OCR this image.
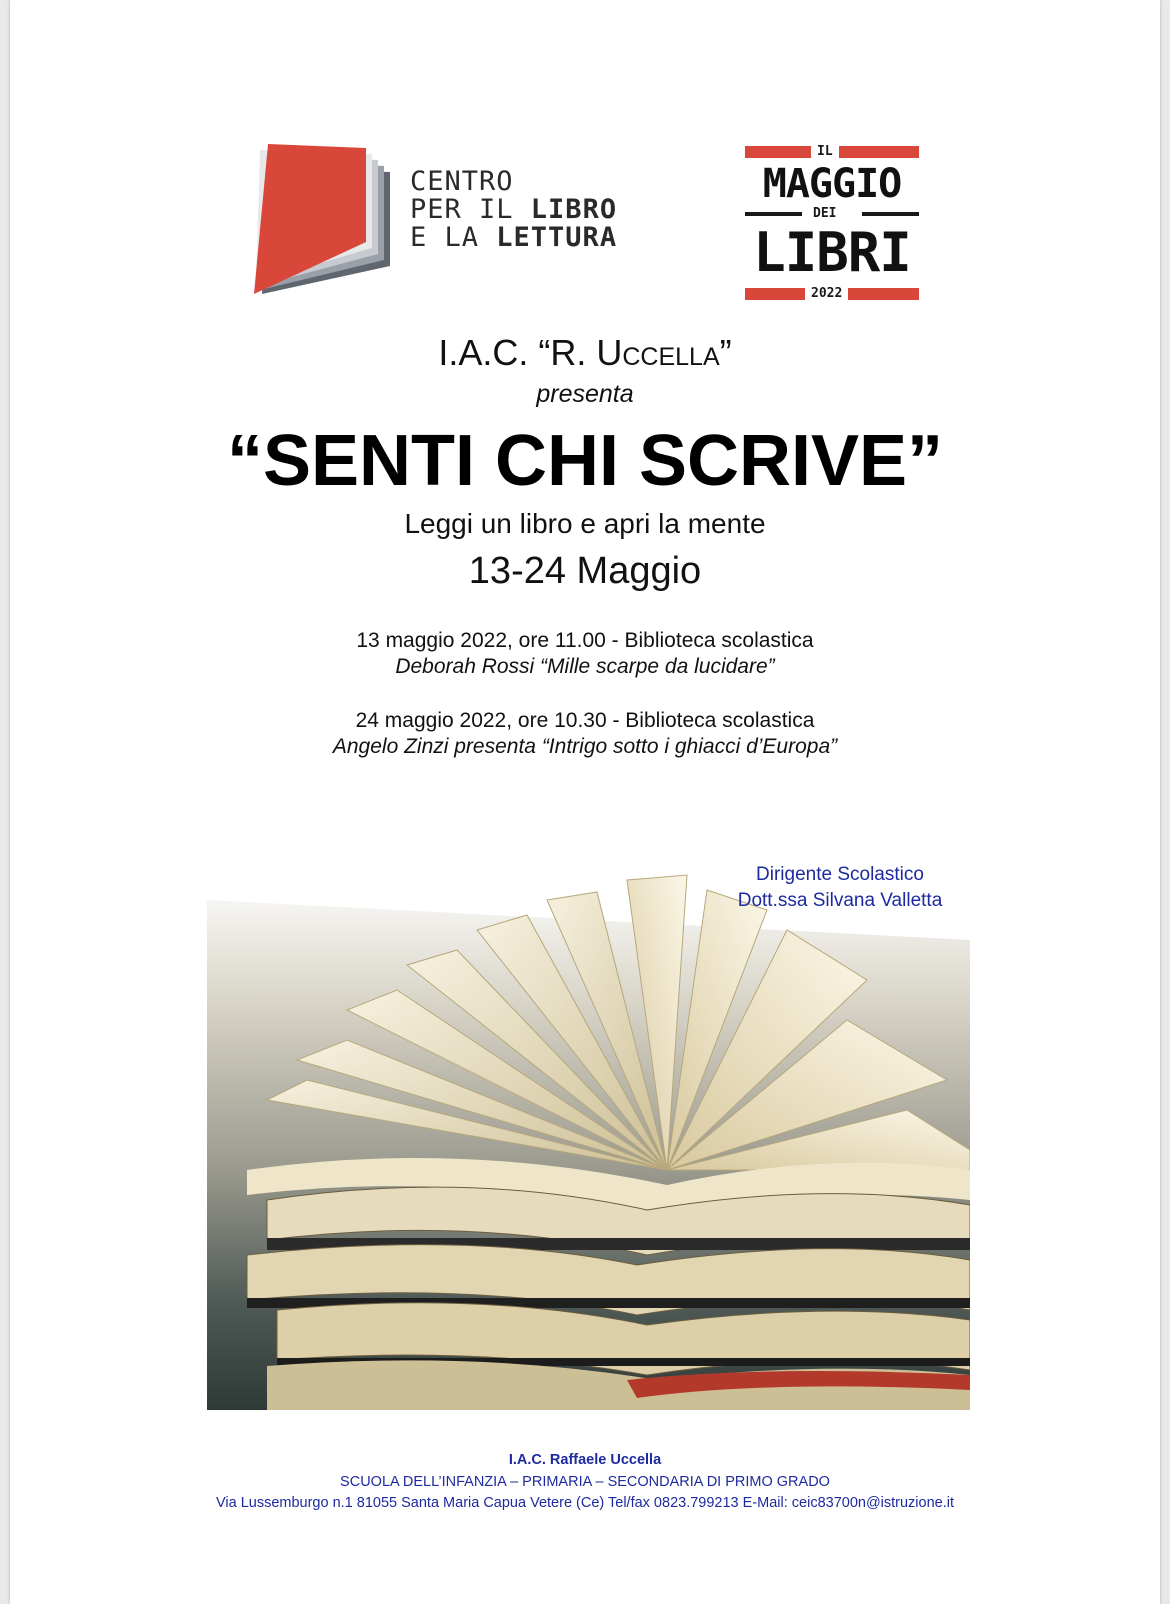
CENTRO
PER IL LIBRO
E LA LETTURA
IL
MAGGIO
DEI
LIBRI
2022
I.A.C. “R. Uccella”
presenta
“SENTI CHI SCRIVE”
Leggi un libro e apri la mente
13-24 Maggio
13 maggio 2022, ore 11.00 - Biblioteca scolastica
Deborah Rossi “Mille scarpe da lucidare”
24 maggio 2022, ore 10.30 - Biblioteca scolastica
Angelo Zinzi presenta “Intrigo sotto i ghiacci d’Europa”
Dirigente Scolastico
Dott.ssa Silvana Valletta
I.A.C. Raffaele Uccella
SCUOLA DELL’INFANZIA – PRIMARIA – SECONDARIA DI PRIMO GRADO
Via Lussemburgo n.1 81055 Santa Maria Capua Vetere (Ce) Tel/fax 0823.799213 E-Mail: ceic83700n@istruzione.it
